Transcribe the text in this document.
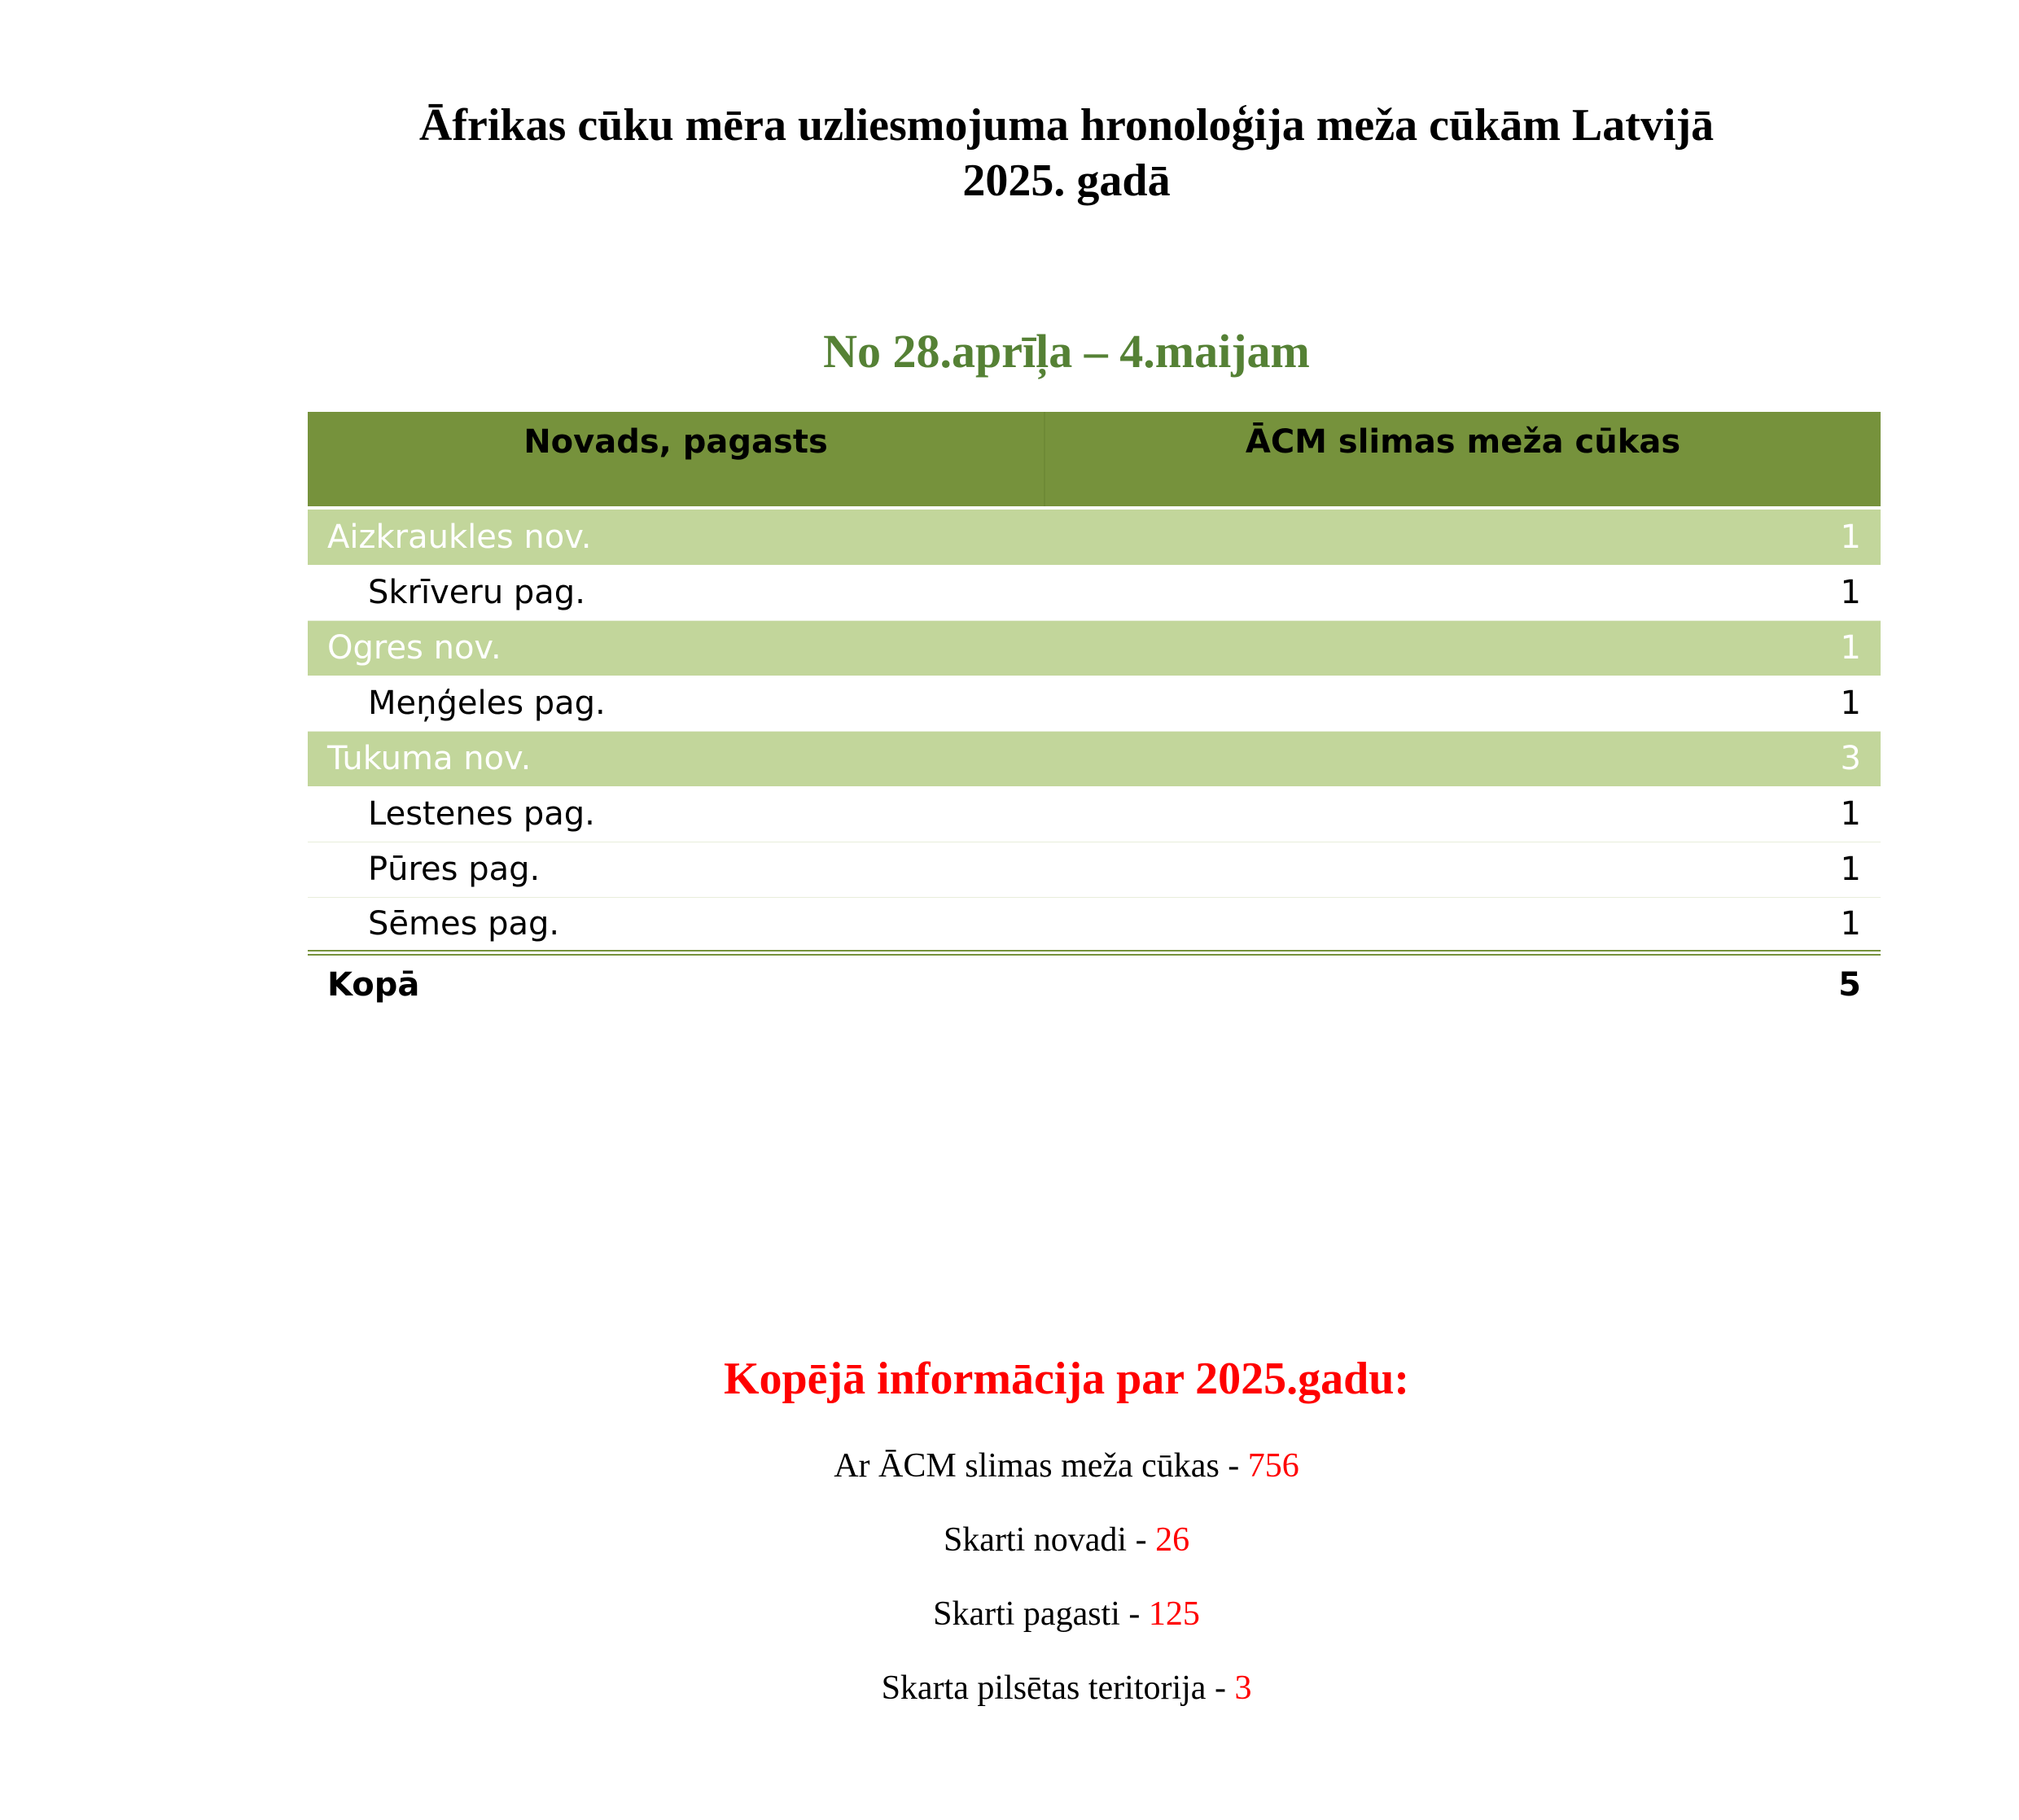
Āfrikas cūku mēra uzliesmojuma hronoloģija meža cūkām Latvijā
2025. gadā
No 28.aprīļa – 4.maijam
Novads, pagasts	ĀCM slimas meža cūkas

Aizkraukles nov.	1
Skrīveru pag.	1
Ogres nov.	1
Meņģeles pag.	1
Tukuma nov.	3
Lestenes pag.	1
Pūres pag.	1
Sēmes pag.	1
Kopā	5
Kopējā informācija par 2025.gadu:

Ar ĀCM slimas meža cūkas - 756

Skarti novadi - 26

Skarti pagasti - 125

Skarta pilsētas teritorija - 3
